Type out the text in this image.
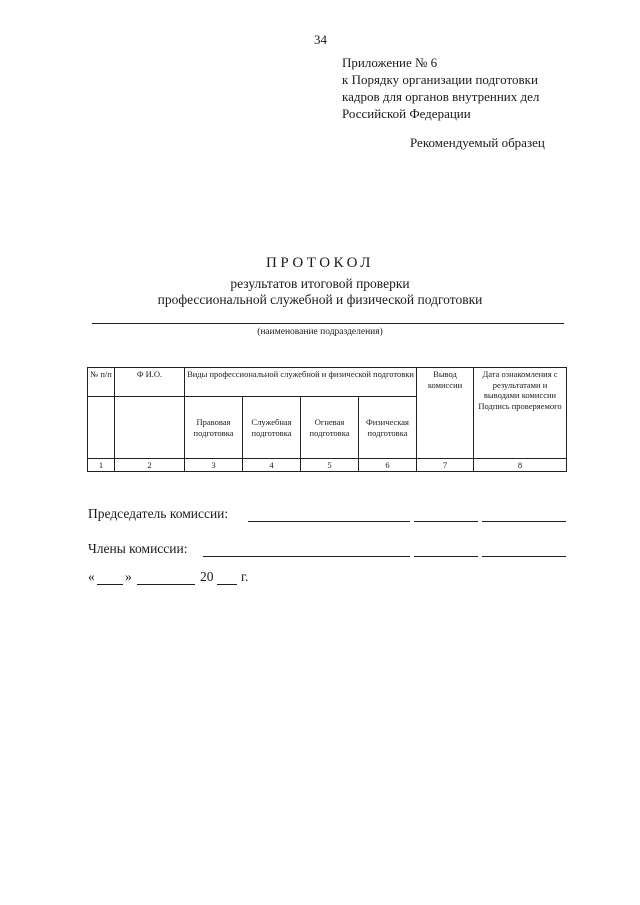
34
Приложение № 6
к Порядку организации подготовки
кадров для органов внутренних дел
Российской Федерации
Рекомендуемый образец
ПРОТОКОЛ
результатов итоговой проверки
профессиональной служебной и физической подготовки
(наименование подразделения)
№ п/п	Ф И.О.	Виды профессиональной служебной и физической подготовки				Вывод комиссии	Дата ознакомления с результатами и выводами комиссии Подпись проверяемого
		Правовая подготовка	Служебная подготовка	Огневая подготовка	Физическая подготовка		
1	2	3	4	5	6	7	8
Председатель комиссии:
Члены комиссии:
« »	20 г.
